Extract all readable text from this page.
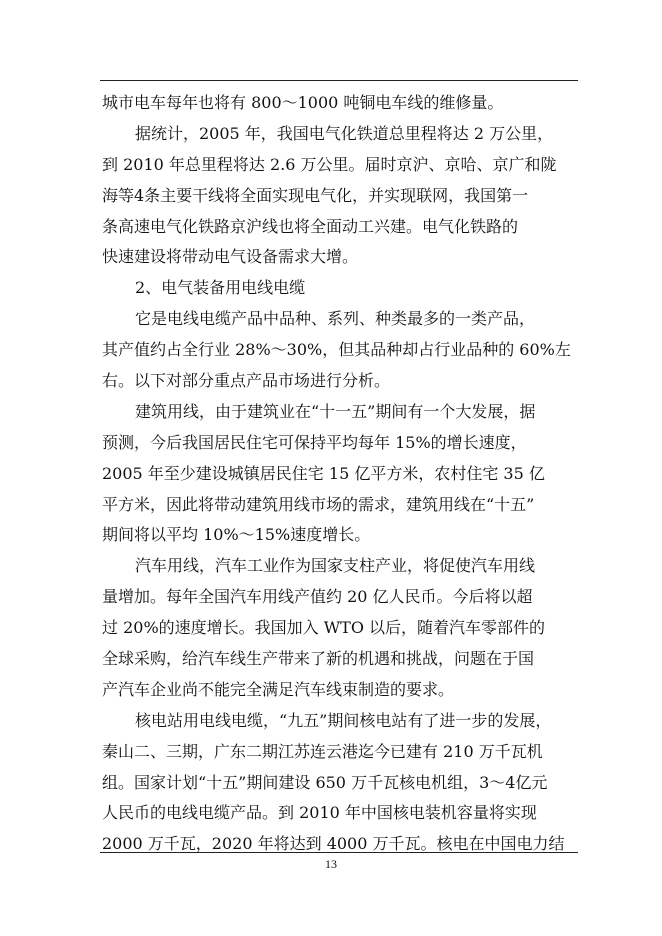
城市电车每年也将有 800～1000 吨铜电车线的维修量。
据统计，2005 年，我国电气化铁道总里程将达 2 万公里，
到 2010 年总里程将达 2.6 万公里。届时京沪、京哈、京广和陇
海等4条主要干线将全面实现电气化，并实现联网，我国第一
条高速电气化铁路京沪线也将全面动工兴建。电气化铁路的
快速建设将带动电气设备需求大增。
2、电气装备用电线电缆
它是电线电缆产品中品种、系列、种类最多的一类产品，
其产值约占全行业 28%～30%，但其品种却占行业品种的 60%左
右。以下对部分重点产品市场进行分析。
建筑用线，由于建筑业在“十一五”期间有一个大发展，据
预测，今后我国居民住宅可保持平均每年 15%的增长速度，
2005 年至少建设城镇居民住宅 15 亿平方米，农村住宅 35 亿
平方米，因此将带动建筑用线市场的需求，建筑用线在“十五”
期间将以平均 10%～15%速度增长。
汽车用线，汽车工业作为国家支柱产业，将促使汽车用线
量增加。每年全国汽车用线产值约 20 亿人民币。今后将以超
过 20%的速度增长。我国加入 WTO 以后，随着汽车零部件的
全球采购，给汽车线生产带来了新的机遇和挑战，问题在于国
产汽车企业尚不能完全满足汽车线束制造的要求。
核电站用电线电缆，“九五”期间核电站有了进一步的发展，
秦山二、三期，广东二期江苏连云港迄今已建有 210 万千瓦机
组。国家计划“十五”期间建设 650 万千瓦核电机组，3～4亿元
人民币的电线电缆产品。到 2010 年中国核电装机容量将实现
2000 万千瓦，2020 年将达到 4000 万千瓦。核电在中国电力结
13
